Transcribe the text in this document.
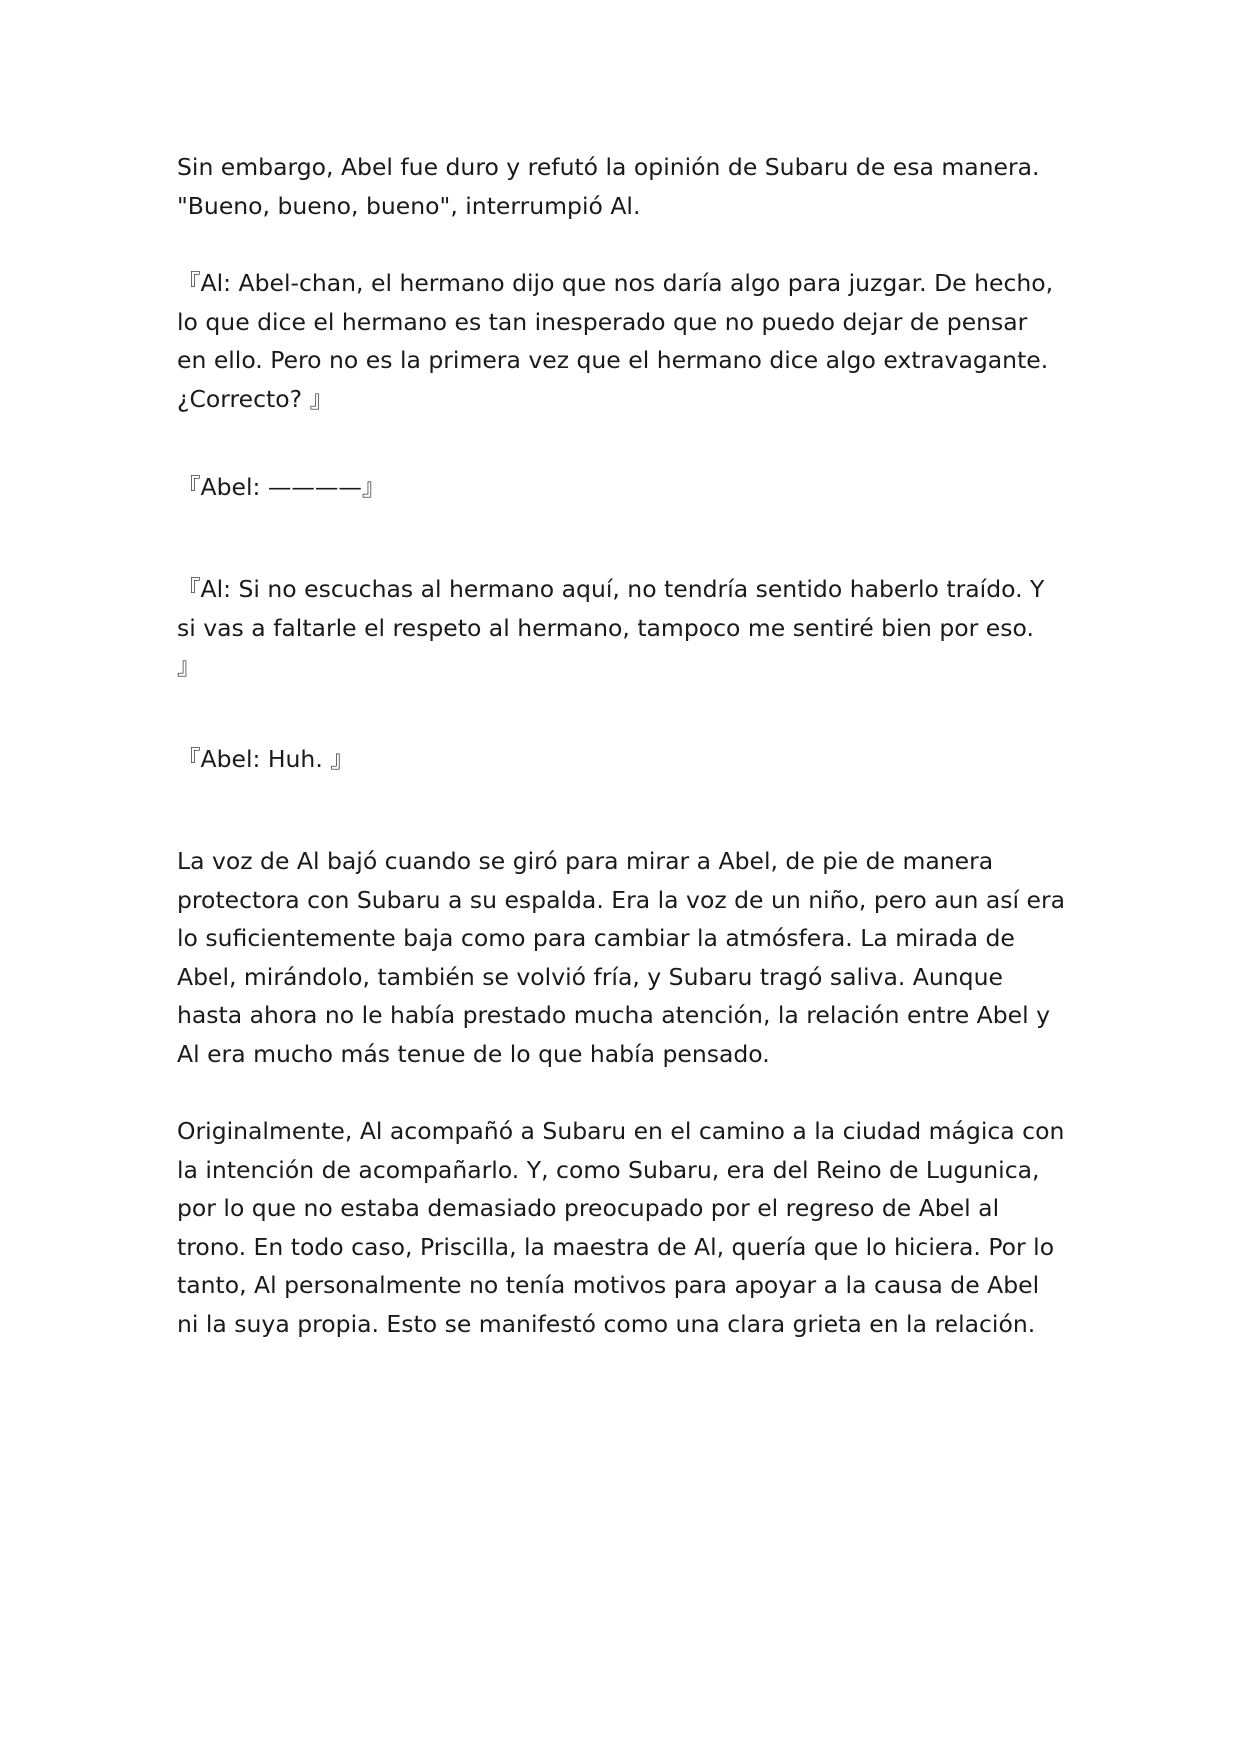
Sin embargo, Abel fue duro y refutó la opinión de Subaru de esa manera.
"Bueno, bueno, bueno", interrumpió Al.

『Al: Abel-chan, el hermano dijo que nos daría algo para juzgar. De hecho,
lo que dice el hermano es tan inesperado que no puedo dejar de pensar
en ello. Pero no es la primera vez que el hermano dice algo extravagante.
¿Correcto? 』

『Abel: ————』

『Al: Si no escuchas al hermano aquí, no tendría sentido haberlo traído. Y
si vas a faltarle el respeto al hermano, tampoco me sentiré bien por eso.
』

『Abel: Huh. 』

La voz de Al bajó cuando se giró para mirar a Abel, de pie de manera
protectora con Subaru a su espalda. Era la voz de un niño, pero aun así era
lo suficientemente baja como para cambiar la atmósfera. La mirada de
Abel, mirándolo, también se volvió fría, y Subaru tragó saliva. Aunque
hasta ahora no le había prestado mucha atención, la relación entre Abel y
Al era mucho más tenue de lo que había pensado.

Originalmente, Al acompañó a Subaru en el camino a la ciudad mágica con
la intención de acompañarlo. Y, como Subaru, era del Reino de Lugunica,
por lo que no estaba demasiado preocupado por el regreso de Abel al
trono. En todo caso, Priscilla, la maestra de Al, quería que lo hiciera. Por lo
tanto, Al personalmente no tenía motivos para apoyar a la causa de Abel
ni la suya propia. Esto se manifestó como una clara grieta en la relación.
